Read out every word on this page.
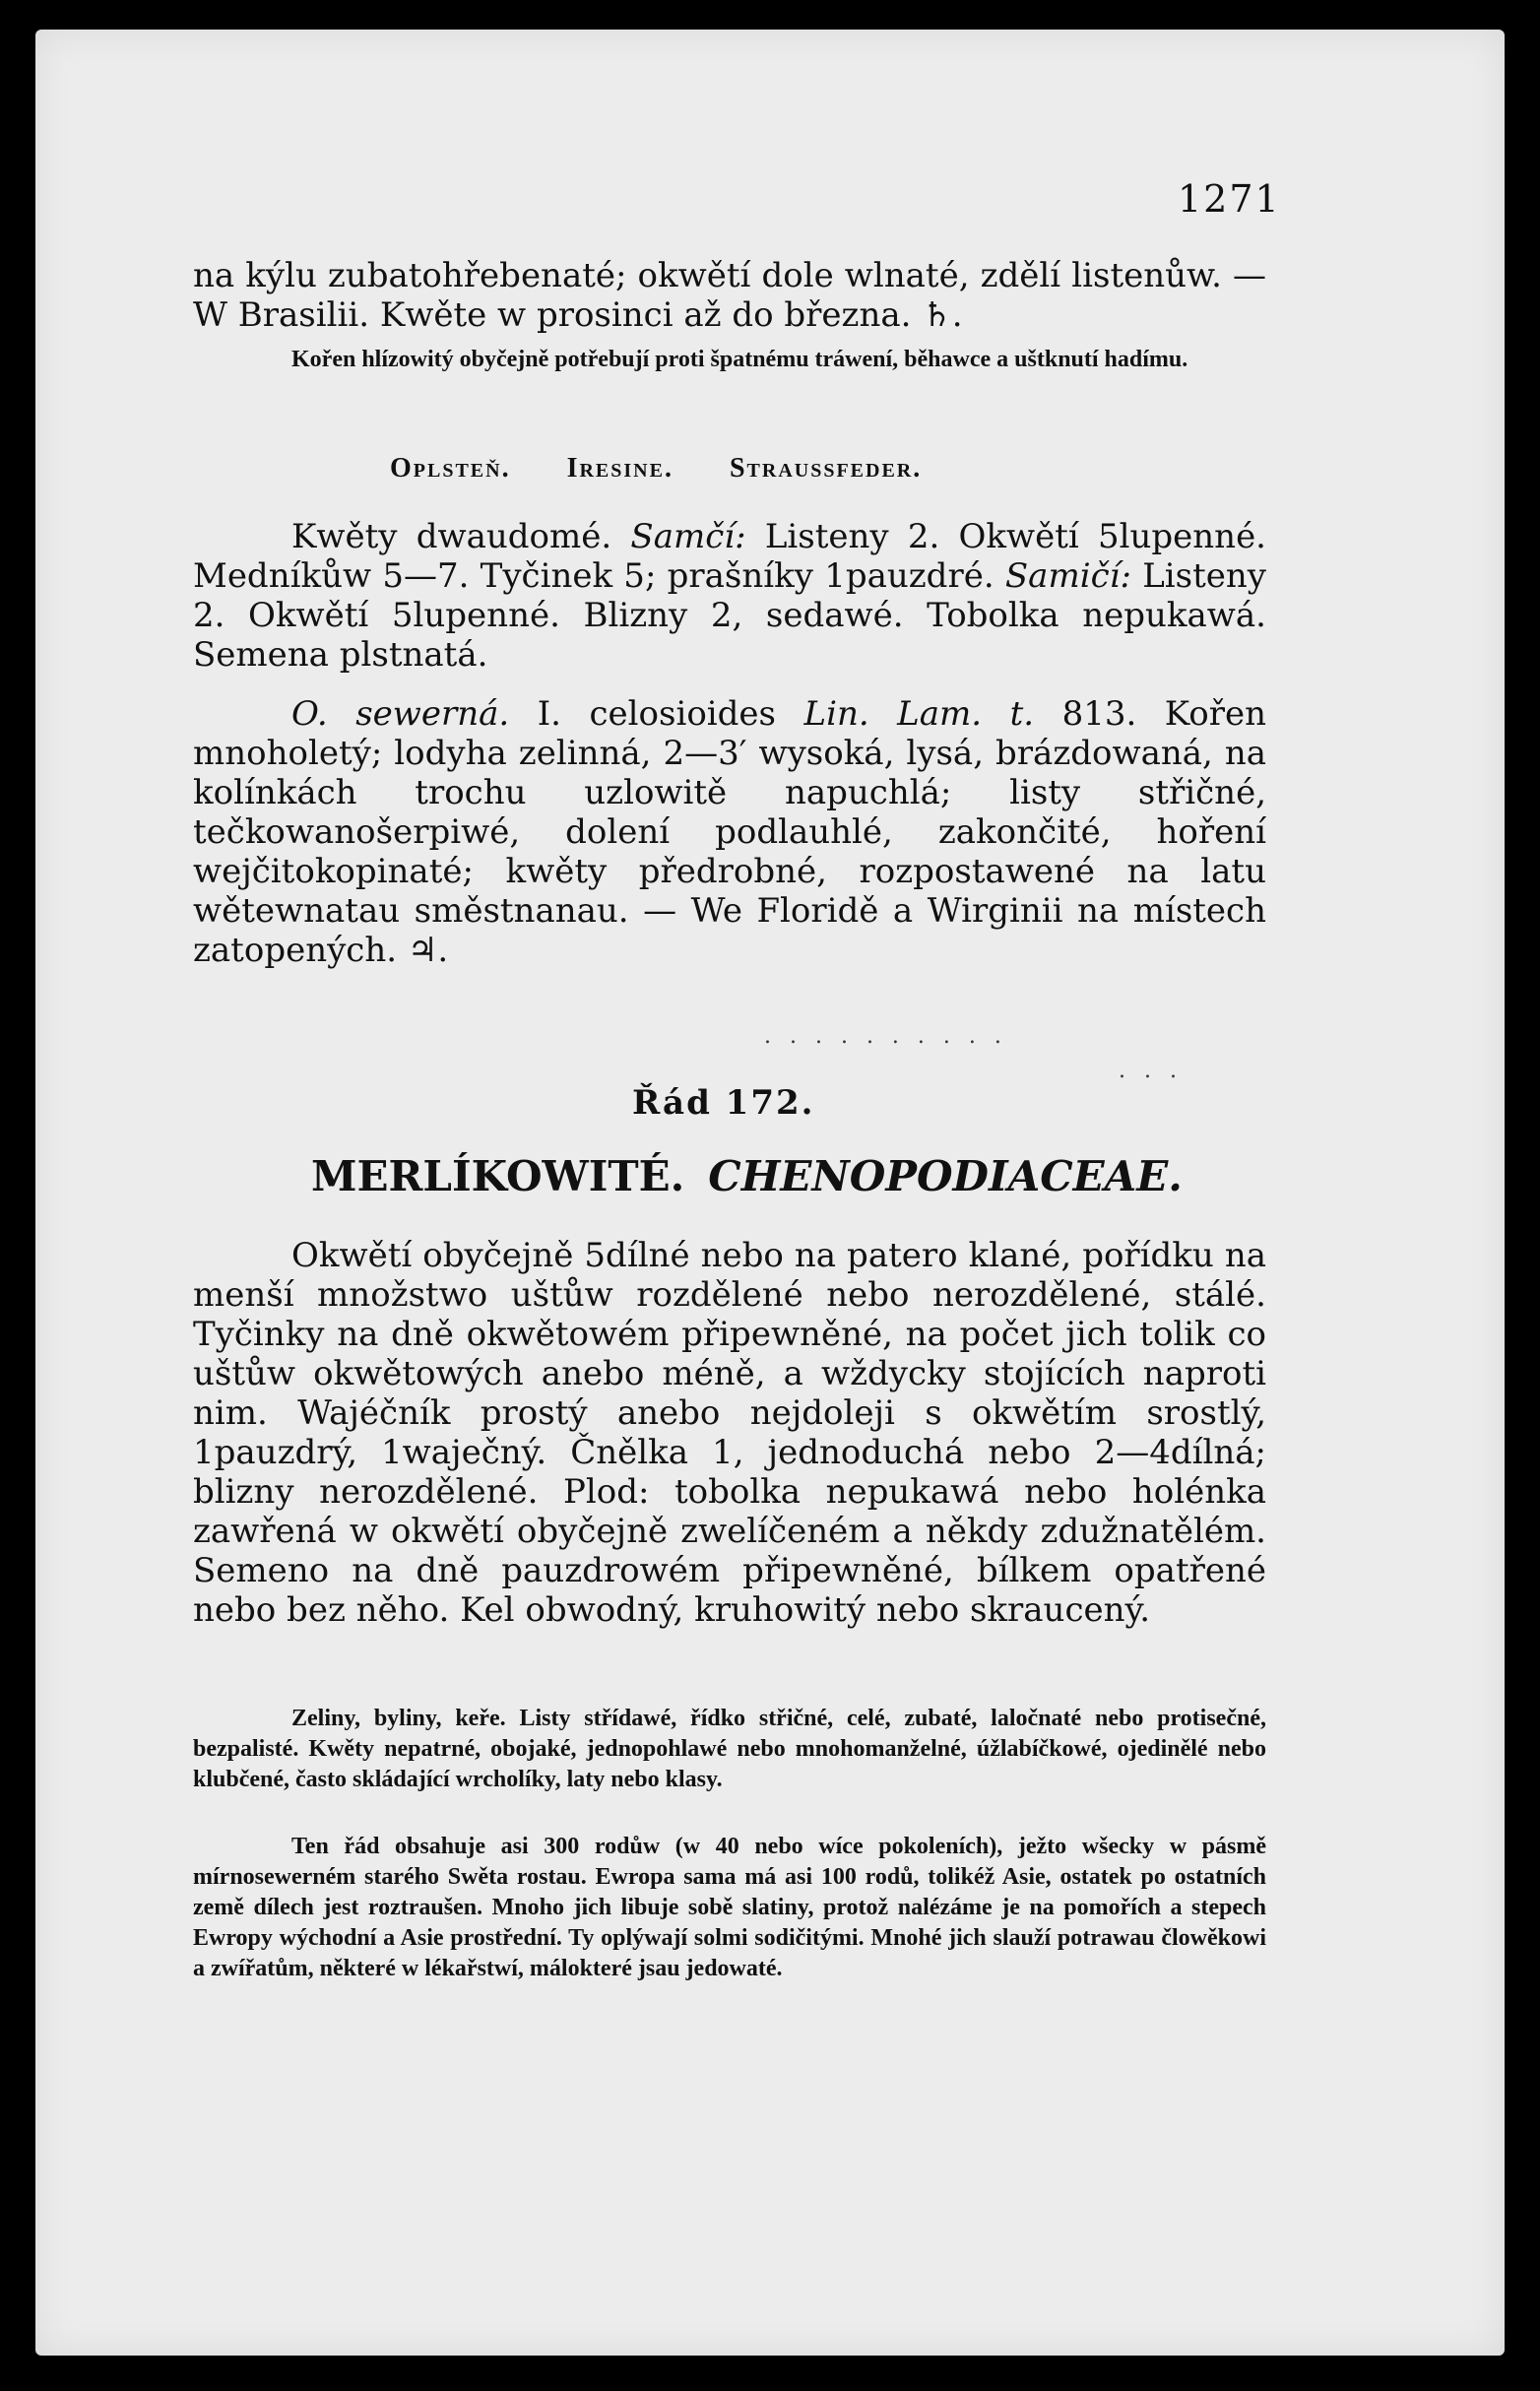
1271
na kýlu zubatohřebenaté; okwětí dole wlnaté, zdělí listenůw. — W Brasilii. Kwěte w prosinci až do března. ♄.
Kořen hlízowitý obyčejně potřebují proti špatnému tráwení, běhawce a uštknutí hadímu.
Oplsteň. Iresine. Straussfeder.
Kwěty dwaudomé. Samčí: Listeny 2. Okwětí 5lupenné. Medníkůw 5—7. Tyčinek 5; prašníky 1pauzdré. Samičí: Listeny 2. Okwětí 5lupenné. Blizny 2, sedawé. Tobolka nepukawá. Semena plstnatá.
O. sewerná. I. celosioides Lin. Lam. t. 813. Kořen mnoholetý; lodyha zelinná, 2—3′ wysoká, lysá, brázdowaná, na kolínkách trochu uzlowitě napuchlá; listy střičné, tečkowanošerpiwé, dolení podlauhlé, zakončité, hoření wejčitokopinaté; kwěty předrobné, rozpostawené na latu wětewnatau směstnanau. — We Floridě a Wirginii na místech zatopených. ♃.
Řád 172.
MERLÍKOWITÉ. CHENOPODIACEAE.
Okwětí obyčejně 5dílné nebo na patero klané, pořídku na menší množstwo uštůw rozdělené nebo nerozdělené, stálé. Tyčinky na dně okwětowém připewněné, na počet jich tolik co uštůw okwětowých anebo méně, a wždycky stojících naproti nim. Wajéčník prostý anebo nejdoleji s okwětím srostlý, 1pauzdrý, 1waječný. Čnělka 1, jednoduchá nebo 2—4dílná; blizny nerozdělené. Plod: tobolka nepukawá nebo holénka zawřená w okwětí obyčejně zwelíčeném a někdy zdužnatělém. Semeno na dně pauzdrowém připewněné, bílkem opatřené nebo bez něho. Kel obwodný, kruhowitý nebo skraucený.
Zeliny, byliny, keře. Listy střídawé, řídko střičné, celé, zubaté, laločnaté nebo protisečné, bezpalisté. Kwěty nepatrné, obojaké, jednopohlawé nebo mnohomanželné, úžlabíčkowé, ojedinělé nebo klubčené, často skládající wrcholíky, laty nebo klasy.
Ten řád obsahuje asi 300 rodůw (w 40 nebo wíce pokoleních), ježto wšecky w pásmě mírnosewerném starého Swěta rostau. Ewropa sama má asi 100 rodů, tolikéž Asie, ostatek po ostatních země dílech jest roztraušen. Mnoho jich libuje sobě slatiny, protož nalézáme je na pomořích a stepech Ewropy wýchodní a Asie prostřední. Ty oplýwají solmi sodičitými. Mnohé jich slauží potrawau člowěkowi a zwířatům, některé w lékařstwí, málokteré jsau jedowaté.
. . . . . . . . . .
. . .
